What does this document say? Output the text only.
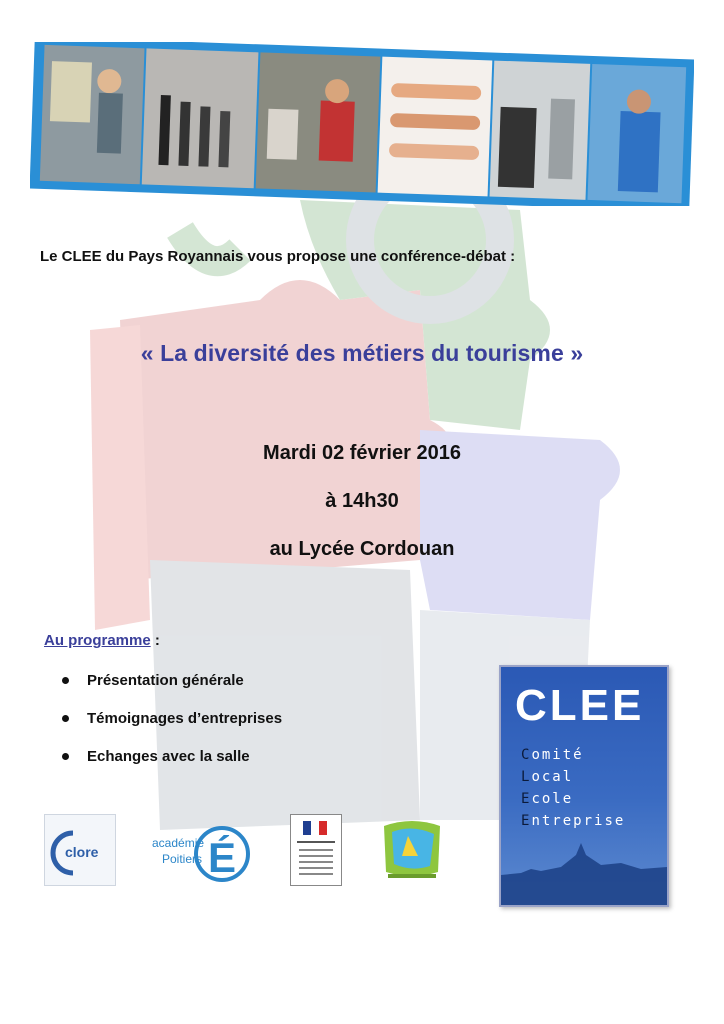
Le CLEE du Pays Royannais vous propose une conférence-débat :
« La diversité des métiers du tourisme »
Mardi 02 février 2016
à 14h30
au Lycée Cordouan
Au programme :
Présentation générale
Témoignages d’entreprises
Echanges avec la salle
CLEE
Comité
Local
Ecole
Entreprise
clore	É
académie
Poitiers
